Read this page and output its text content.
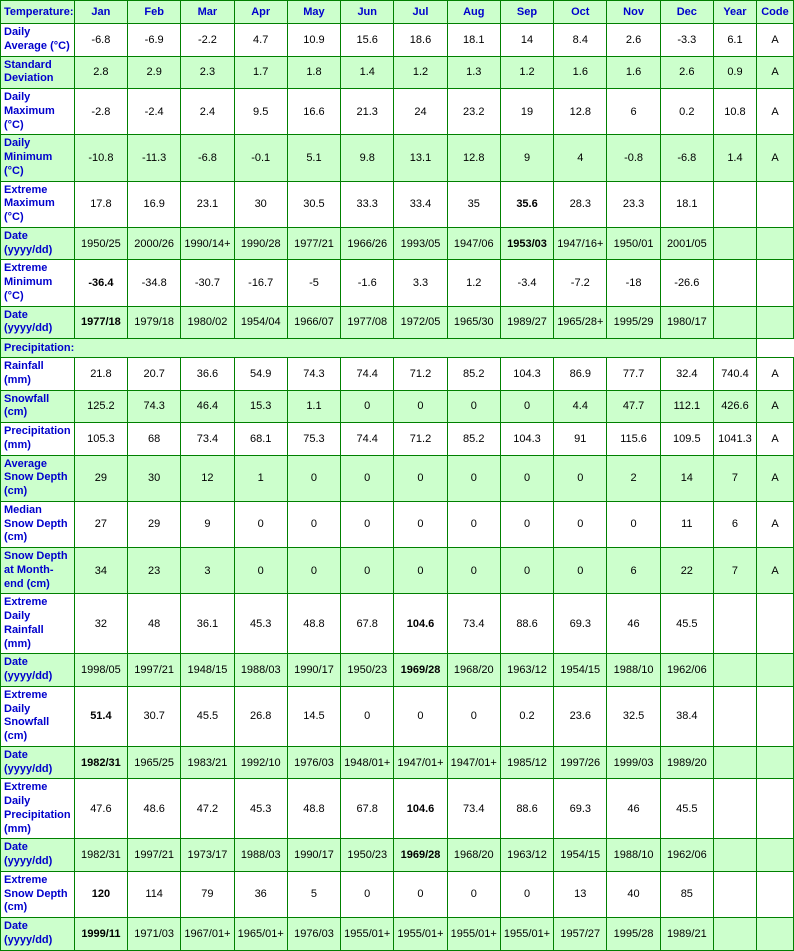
Temperature:	Jan	Feb	Mar	Apr	May	Jun	Jul	Aug	Sep	Oct	Nov	Dec	Year	Code
Daily Average (°C)	-6.8	-6.9	-2.2	4.7	10.9	15.6	18.6	18.1	14	8.4	2.6	-3.3	6.1	A
Standard Deviation	2.8	2.9	2.3	1.7	1.8	1.4	1.2	1.3	1.2	1.6	1.6	2.6	0.9	A
Daily Maximum (°C)	-2.8	-2.4	2.4	9.5	16.6	21.3	24	23.2	19	12.8	6	0.2	10.8	A
Daily Minimum (°C)	-10.8	-11.3	-6.8	-0.1	5.1	9.8	13.1	12.8	9	4	-0.8	-6.8	1.4	A
Extreme Maximum (°C)	17.8	16.9	23.1	30	30.5	33.3	33.4	35	35.6	28.3	23.3	18.1		
Date (yyyy/dd)	1950/25	2000/26	1990/14+	1990/28	1977/21	1966/26	1993/05	1947/06	1953/03	1947/16+	1950/01	2001/05		
Extreme Minimum (°C)	-36.4	-34.8	-30.7	-16.7	-5	-1.6	3.3	1.2	-3.4	-7.2	-18	-26.6		
Date (yyyy/dd)	1977/18	1979/18	1980/02	1954/04	1966/07	1977/08	1972/05	1965/30	1989/27	1965/28+	1995/29	1980/17		
Precipitation:														
Rainfall (mm)	21.8	20.7	36.6	54.9	74.3	74.4	71.2	85.2	104.3	86.9	77.7	32.4	740.4	A
Snowfall (cm)	125.2	74.3	46.4	15.3	1.1	0	0	0	0	4.4	47.7	112.1	426.6	A
Precipitation (mm)	105.3	68	73.4	68.1	75.3	74.4	71.2	85.2	104.3	91	115.6	109.5	1041.3	A
Average Snow Depth (cm)	29	30	12	1	0	0	0	0	0	0	2	14	7	A
Median Snow Depth (cm)	27	29	9	0	0	0	0	0	0	0	0	11	6	A
Snow Depth at Month-end (cm)	34	23	3	0	0	0	0	0	0	0	6	22	7	A
Extreme Daily Rainfall (mm)	32	48	36.1	45.3	48.8	67.8	104.6	73.4	88.6	69.3	46	45.5		
Date (yyyy/dd)	1998/05	1997/21	1948/15	1988/03	1990/17	1950/23	1969/28	1968/20	1963/12	1954/15	1988/10	1962/06		
Extreme Daily Snowfall (cm)	51.4	30.7	45.5	26.8	14.5	0	0	0	0.2	23.6	32.5	38.4		
Date (yyyy/dd)	1982/31	1965/25	1983/21	1992/10	1976/03	1948/01+	1947/01+	1947/01+	1985/12	1997/26	1999/03	1989/20		
Extreme Daily Precipitation (mm)	47.6	48.6	47.2	45.3	48.8	67.8	104.6	73.4	88.6	69.3	46	45.5		
Date (yyyy/dd)	1982/31	1997/21	1973/17	1988/03	1990/17	1950/23	1969/28	1968/20	1963/12	1954/15	1988/10	1962/06		
Extreme Snow Depth (cm)	120	114	79	36	5	0	0	0	0	13	40	85		
Date (yyyy/dd)	1999/11	1971/03	1967/01+	1965/01+	1976/03	1955/01+	1955/01+	1955/01+	1955/01+	1957/27	1995/28	1989/21		
